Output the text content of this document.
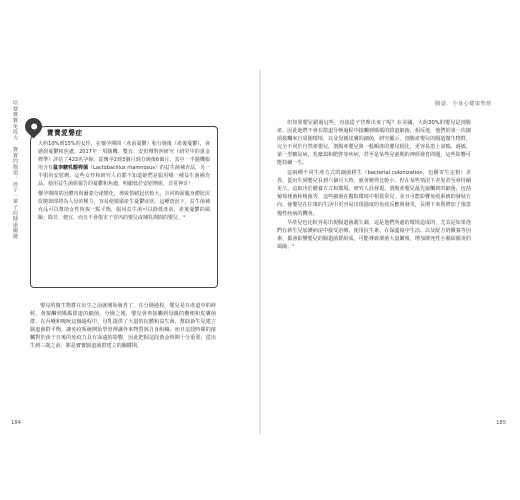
培養寶寶免疫力　寶寶的腸道：孩子一輩子的健康關鍵	寶寶愛聲症

大約10%到15%的女性，在懷孕期間（產前憂鬱）和分娩後（產後憂鬱），會感到憂鬱和焦慮。2017年一項隨機、雙盲、安慰劑對照研究（研究中的黃金標準）評估了423名孕婦，從懷孕2到3個月到分娩後6個月，其中一半隨機服用含有鼠李糖乳酸桿菌（Lactobacillus rhamnosus）的益生菌補充品，另一半服用安慰劑。這些女性和研究人員都不知道她們是服用哪一種益生菌補充品，使用益生菌組報告的憂鬱和焦慮，明顯低於安慰劑組，非常神奇！

懷孕期間常因體內荷爾蒙分泌變化，導致情緒起伏較大，且同時面臨身體狀況改變與即將為人母的壓力，容易使媽媽產生憂鬱症狀，這種情況下，益生菌補充品可以幫助女性恢復一點平衡，服用益生菌可以降低產前、產後憂鬱的風險；除非，便宜、而且不會傷害子宮內的嬰兒或哺乳期間的嬰兒。⁴

嬰兒的微生物群在出生之前就開始發育了，在分娩過程，嬰兒是在產道中的時候，會接觸到媽媽陰道的細菌，分娩之後，嬰兒會再接觸到母親的糞便和皮膚菌群。在吞嚥和吸吮這個過程中，母乳提供了大量的抗體和益生菌，幫助新生兒建立腸道菌群平衡，讓免疫系統開始學習辨識外來物質與自身組織，而且這段時間的接觸對於孩子日後的免疫力具有深遠的影響，因此把握這段黃金時期十分重要，從出生到三歲之前，都是寶寶腸道菌群建立的關鍵期。

184
腸道．全身心健康聖經

但如果嬰兒錯過這些，直接從子宮裡出來了呢？在美國，大約30%的嬰兒是剖腹產。因此他們不會在陰道分娩過程中接觸到媽媽的陰道細菌，相反地，他們的第一次細菌接觸來自周圍環境，以及母親皮膚的細菌，研究顯示，剖腹產嬰兒的腸道微生物群，完全不同於自然產嬰兒，剖腹產嬰兒與一般順產的嬰兒相比，更容易患上氣喘、過敏、第一型糖尿病、乳糜瀉和肥胖等疾病，甚至是某些兒童期的神經發育問題，這些影響可能持續一生。

這兩種不同生產方式的細菌移生（bacterial colonization，也稱寄生定植）差異，從出生到嬰兒長到六個月大時，就會變得比較小，但在某些情況下差異甚至會持續更久，這取決於餵養方式和環境。研究人員發現，剖腹產嬰兒最先接觸到的細菌，包括葡萄球菌和梭菌等，這些細菌在醫院環境中相當常見，並且可能影響免疫系統的發展方向，使嬰兒在往後的生活中更容易出現過度的免疫反應與發炎，長期下來則增加了罹患慢性疾病的機會。

早產兒也比較容易出現腸道菌叢失調，這是他們所處的環境造成的，尤其是如果他們在新生兒加護病房中接受治療，使用抗生素、在保溫箱中生活、以及配方奶餵養等因素，都會影響嬰兒的腸道菌群組成，可能導致壞菌大量繁殖，增加壞死性小腸結腸炎的風險。²

185
